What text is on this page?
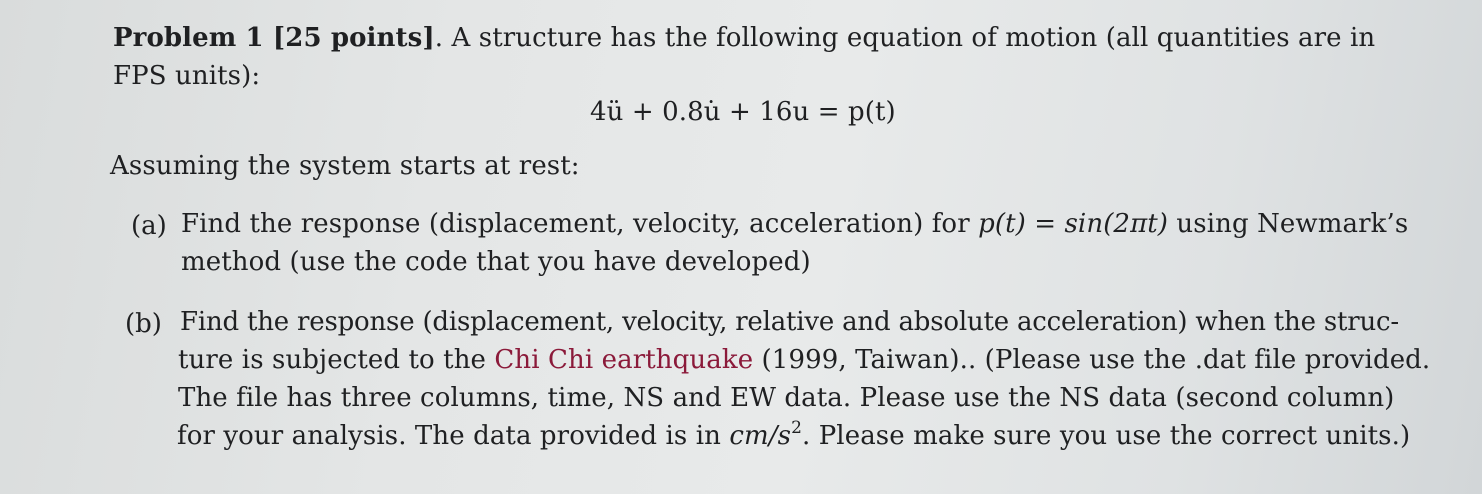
Problem 1 [25 points]. A structure has the following equation of motion (all quantities are in
FPS units):
4ü + 0.8u̇ + 16u = p(t)
Assuming the system starts at rest:
(a) Find the response (displacement, velocity, acceleration) for p(t) = sin(2πt) using Newmark’s
method (use the code that you have developed)
(b) Find the response (displacement, velocity, relative and absolute acceleration) when the struc-
ture is subjected to the Chi Chi earthquake (1999, Taiwan).. (Please use the .dat file provided.
The file has three columns, time, NS and EW data. Please use the NS data (second column)
for your analysis. The data provided is in $cm/s^2$. Please make sure you use the correct units.)
